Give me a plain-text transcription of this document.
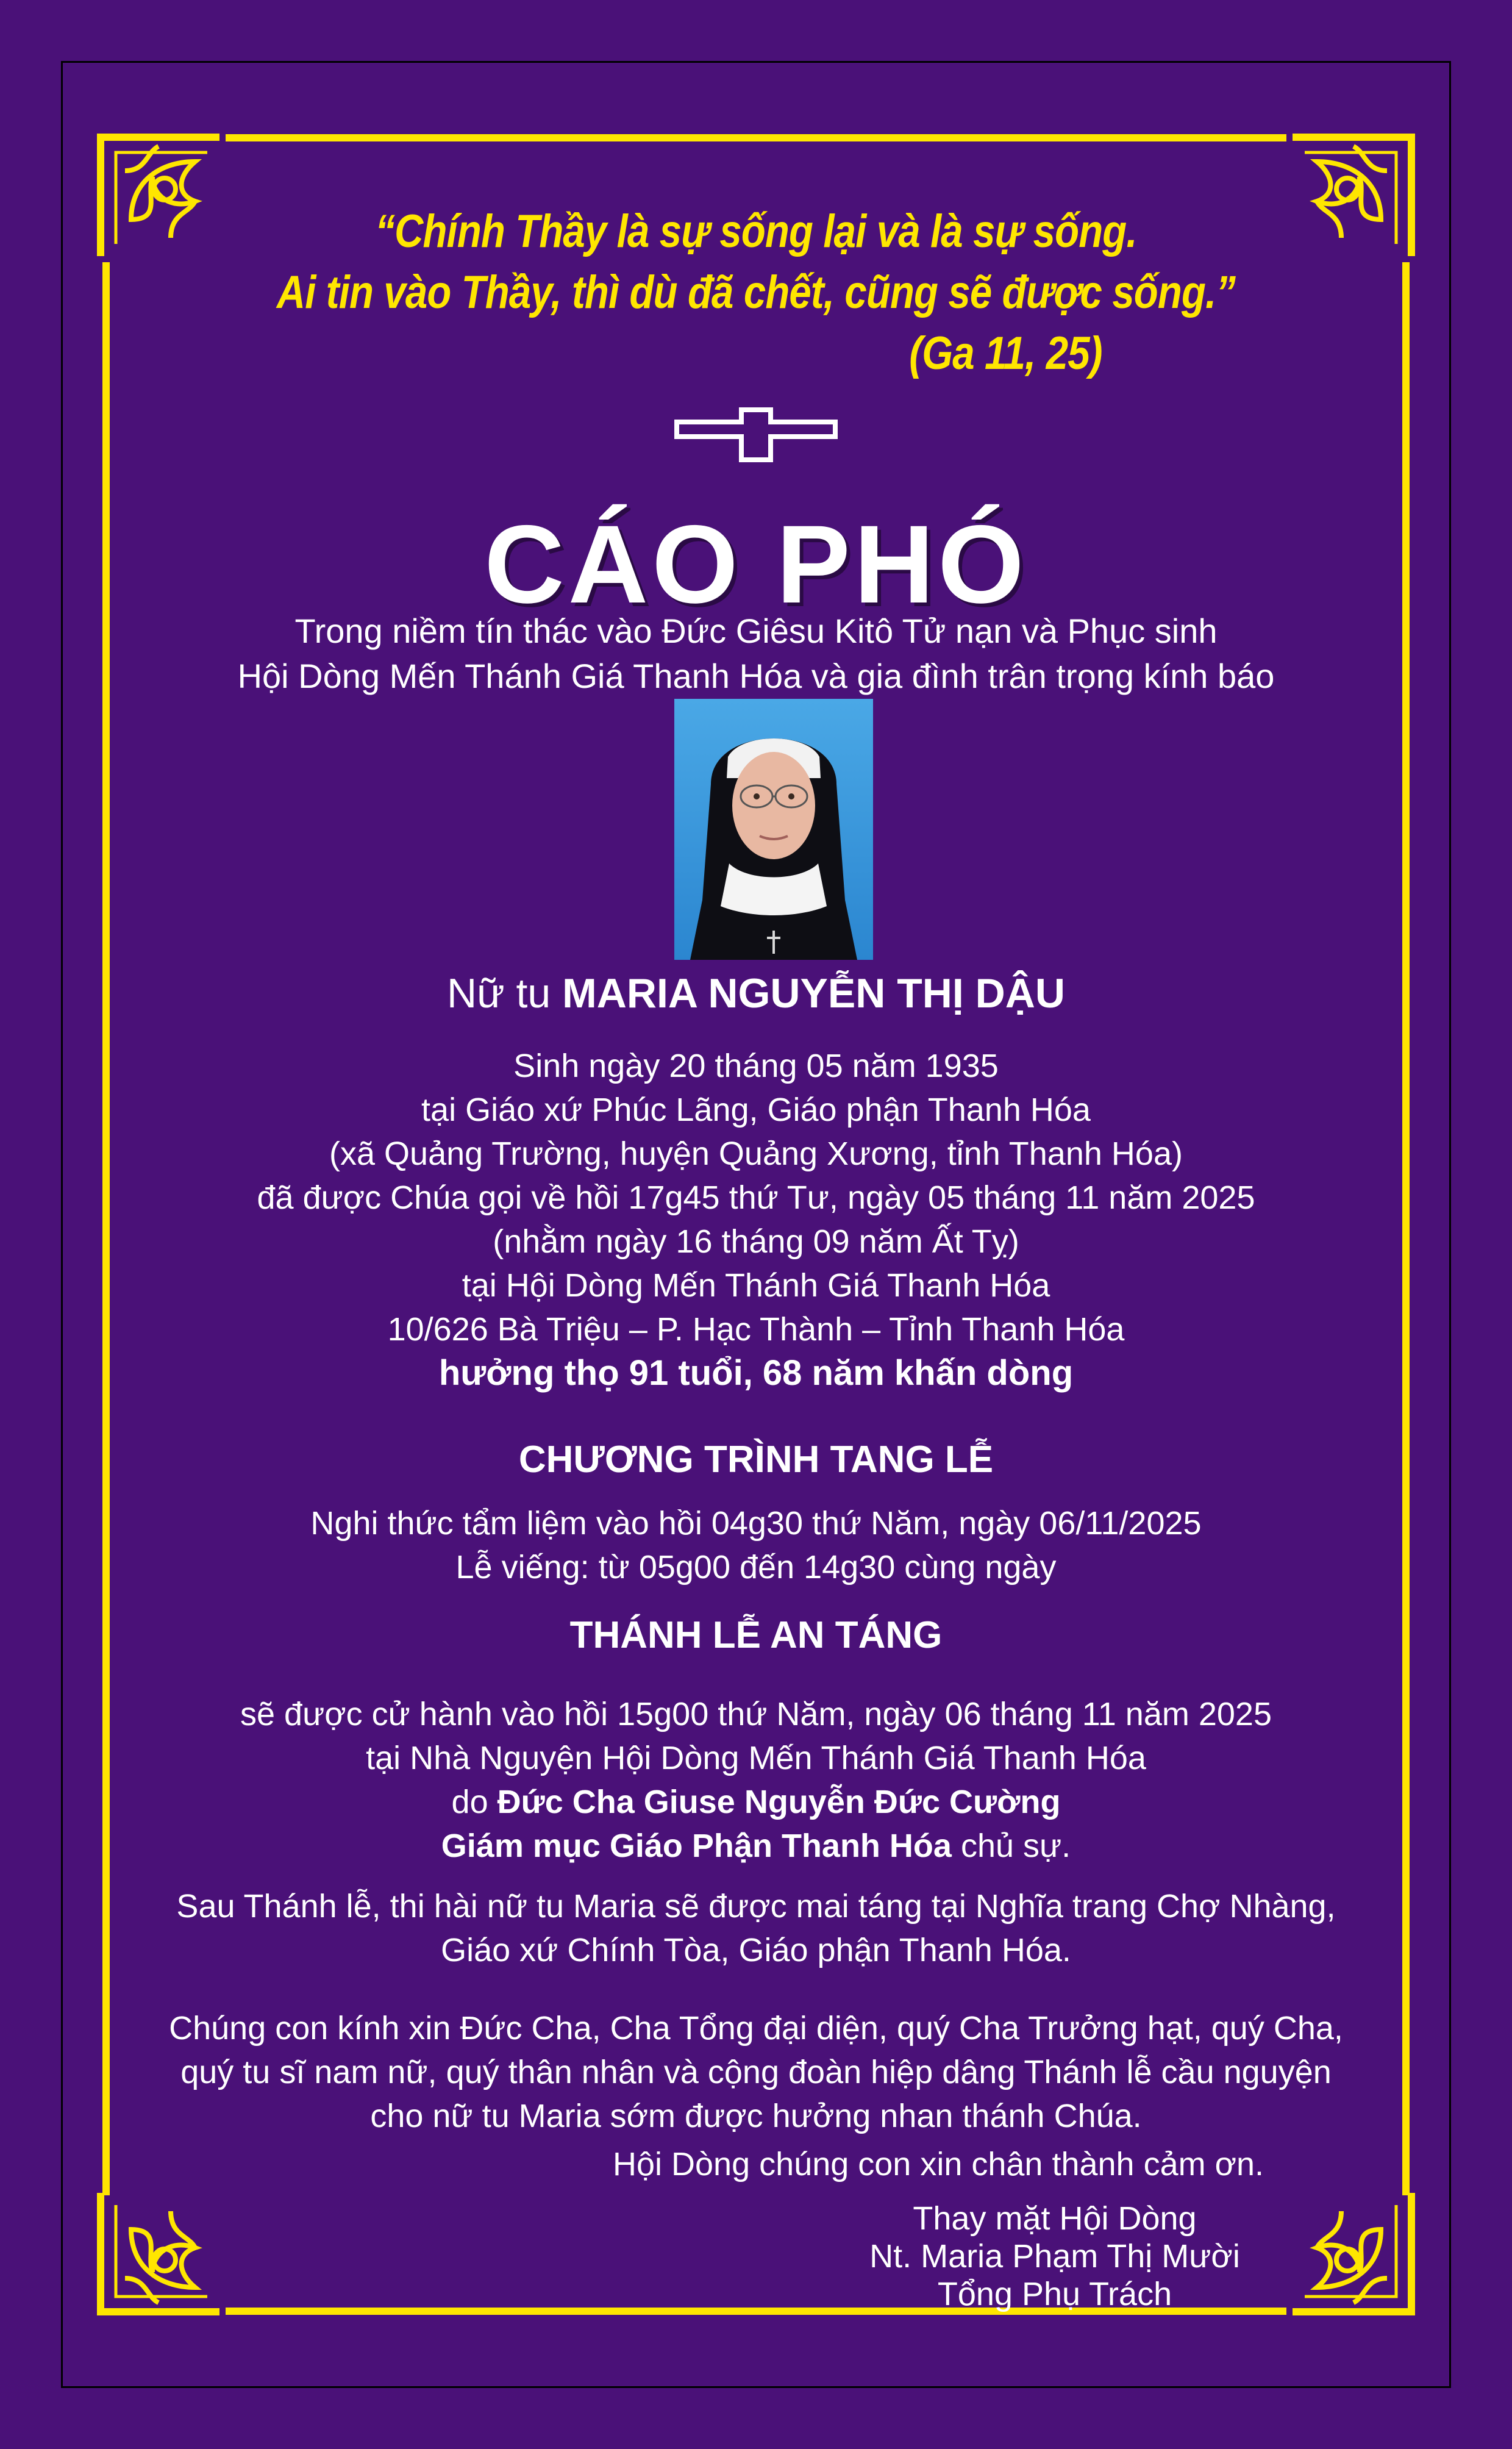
“Chính Thầy là sự sống lại và là sự sống.
Ai tin vào Thầy, thì dù đã chết, cũng sẽ được sống.”
(Ga 11, 25)
CÁO PHÓ
Trong niềm tín thác vào Đức Giêsu Kitô Tử nạn và Phục sinh
Hội Dòng Mến Thánh Giá Thanh Hóa và gia đình trân trọng kính báo
Nữ tu MARIA NGUYỄN THỊ DẬU
Sinh ngày 20 tháng 05 năm 1935
tại Giáo xứ Phúc Lãng, Giáo phận Thanh Hóa
(xã Quảng Trường, huyện Quảng Xương, tỉnh Thanh Hóa)
đã được Chúa gọi về hồi 17g45 thứ Tư, ngày 05 tháng 11 năm 2025
(nhằm ngày 16 tháng 09 năm Ất Tỵ)
tại Hội Dòng Mến Thánh Giá Thanh Hóa
10/626 Bà Triệu – P. Hạc Thành – Tỉnh Thanh Hóa
hưởng thọ 91 tuổi, 68 năm khấn dòng
CHƯƠNG TRÌNH TANG LỄ
Nghi thức tẩm liệm vào hồi 04g30 thứ Năm, ngày 06/11/2025
Lễ viếng: từ 05g00 đến 14g30 cùng ngày
THÁNH LỄ AN TÁNG
sẽ được cử hành vào hồi 15g00 thứ Năm, ngày 06 tháng 11 năm 2025
tại Nhà Nguyện Hội Dòng Mến Thánh Giá Thanh Hóa
do Đức Cha Giuse Nguyễn Đức Cường
Giám mục Giáo Phận Thanh Hóa chủ sự.
Sau Thánh lễ, thi hài nữ tu Maria sẽ được mai táng tại Nghĩa trang Chợ Nhàng,
Giáo xứ Chính Tòa, Giáo phận Thanh Hóa.
Chúng con kính xin Đức Cha, Cha Tổng đại diện, quý Cha Trưởng hạt, quý Cha,
quý tu sĩ nam nữ, quý thân nhân và cộng đoàn hiệp dâng Thánh lễ cầu nguyện
cho nữ tu Maria sớm được hưởng nhan thánh Chúa.
Hội Dòng chúng con xin chân thành cảm ơn.
Thay mặt Hội Dòng
Nt. Maria Phạm Thị Mười
Tổng Phụ Trách
